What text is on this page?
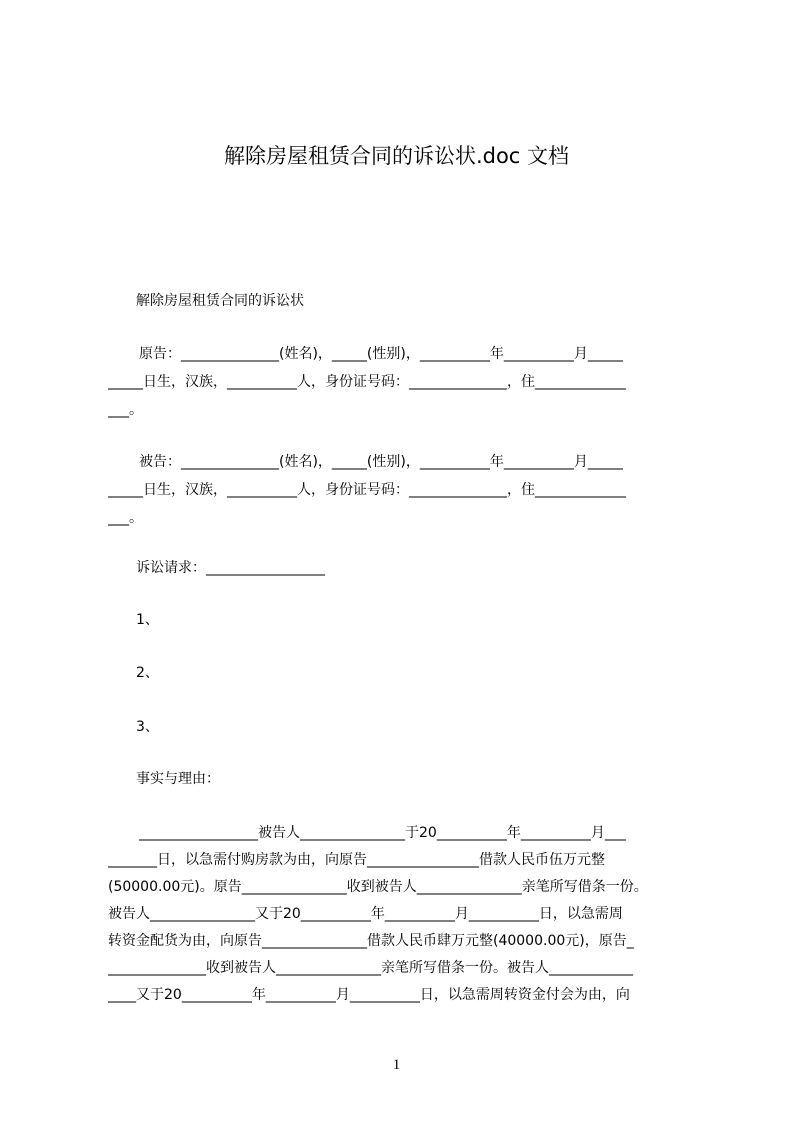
解除房屋租赁合同的诉讼状.doc 文档
解除房屋租赁合同的诉讼状
原告：______________(姓名)，_____(性别)，__________年__________月_____
_____日生，汉族，__________人，身份证号码：______________，住_____________
___。
被告：______________(姓名)，_____(性别)，__________年__________月_____
_____日生，汉族，__________人，身份证号码：______________，住_____________
___。
诉讼请求：_________________
1、
2、
3、
事实与理由：
_________________被告人_______________于20__________年__________月___
_______日，以急需付购房款为由，向原告________________借款人民币伍万元整
(50000.00元)。原告_______________收到被告人_______________亲笔所写借条一份。
被告人_______________又于20__________年__________月__________日，以急需周
转资金配货为由，向原告_______________借款人民币肆万元整(40000.00元)，原告_
______________收到被告人_______________亲笔所写借条一份。被告人____________
____又于20__________年__________月__________日，以急需周转资金付会为由，向
1
